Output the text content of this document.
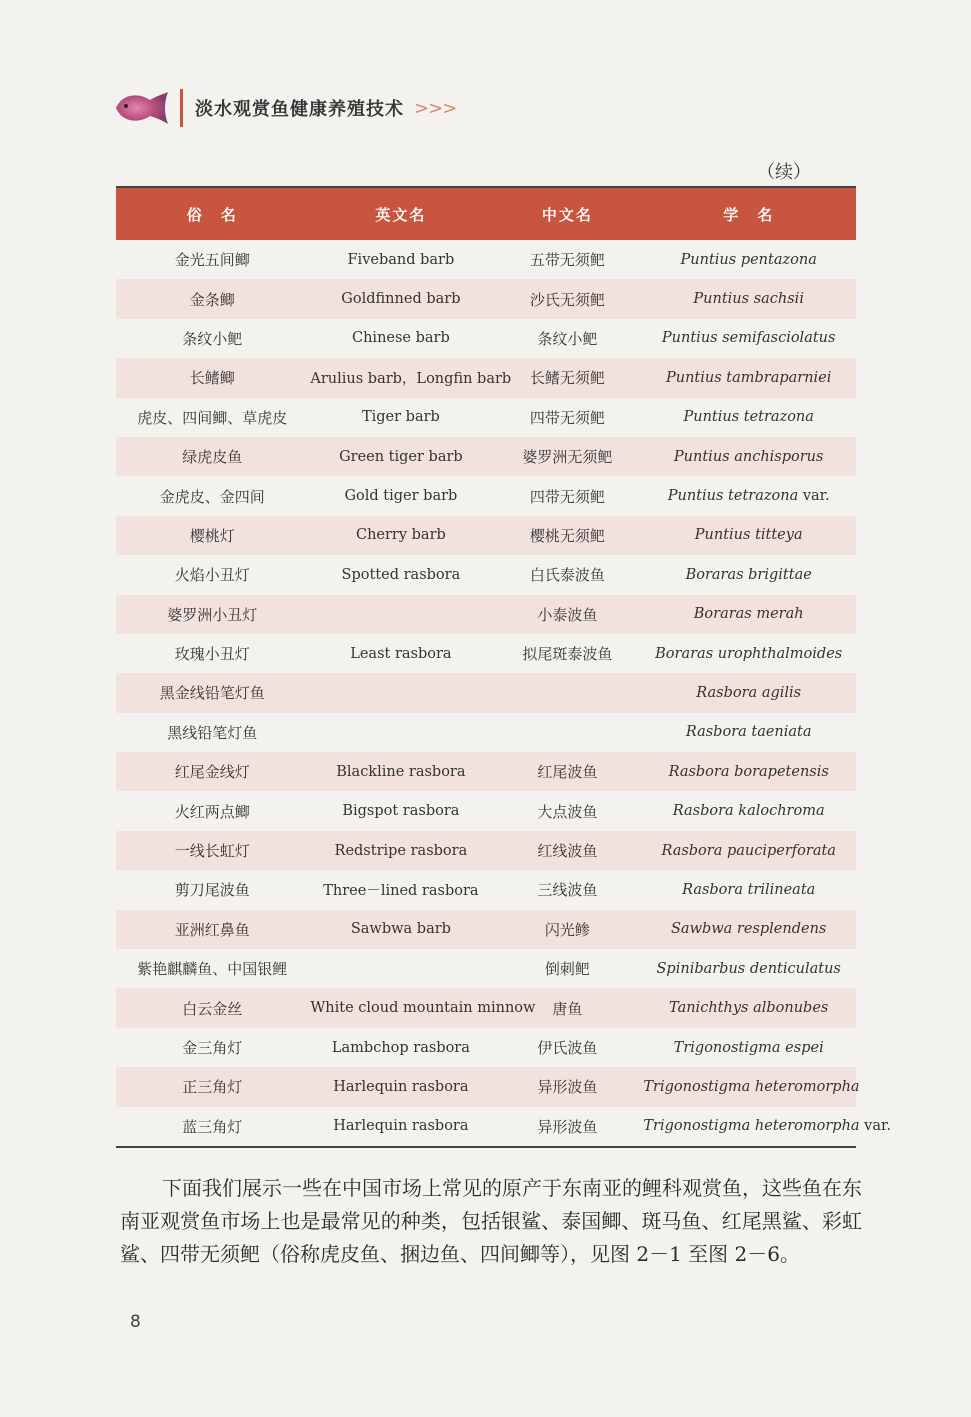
淡水观赏鱼健康养殖技术 >>>
（续）
俗　名	英文名	中文名	学　名
金光五间鲫	Fiveband barb	五带无须鲃	Puntius pentazona
金条鲫	Goldfinned barb	沙氏无须鲃	Puntius sachsii
条纹小鲃	Chinese barb	条纹小鲃	Puntius semifasciolatus
长鳍鲫	Arulius barb，Longfin barb	长鳍无须鲃	Puntius tambraparniei
虎皮、四间鲫、草虎皮	Tiger barb	四带无须鲃	Puntius tetrazona
绿虎皮鱼	Green tiger barb	婆罗洲无须鲃	Puntius anchisporus
金虎皮、金四间	Gold tiger barb	四带无须鲃	Puntius tetrazona var.
樱桃灯	Cherry barb	樱桃无须鲃	Puntius titteya
火焰小丑灯	Spotted rasbora	白氏泰波鱼	Boraras brigittae
婆罗洲小丑灯		小泰波鱼	Boraras merah
玫瑰小丑灯	Least rasbora	拟尾斑泰波鱼	Boraras urophthalmoides
黑金线铅笔灯鱼			Rasbora agilis
黑线铅笔灯鱼			Rasbora taeniata
红尾金线灯	Blackline rasbora	红尾波鱼	Rasbora borapetensis
火红两点鲫	Bigspot rasbora	大点波鱼	Rasbora kalochroma
一线长虹灯	Redstripe rasbora	红线波鱼	Rasbora pauciperforata
剪刀尾波鱼	Three－lined rasbora	三线波鱼	Rasbora trilineata
亚洲红鼻鱼	Sawbwa barb	闪光鲹	Sawbwa resplendens
紫艳麒麟鱼、中国银鲤		倒刺鲃	Spinibarbus denticulatus
白云金丝	White cloud mountain minnow	唐鱼	Tanichthys albonubes
金三角灯	Lambchop rasbora	伊氏波鱼	Trigonostigma espei
正三角灯	Harlequin rasbora	异形波鱼	Trigonostigma heteromorpha
蓝三角灯	Harlequin rasbora	异形波鱼	Trigonostigma heteromorpha var.
下面我们展示一些在中国市场上常见的原产于东南亚的鲤科观赏鱼，这些鱼在东南亚观赏鱼市场上也是最常见的种类，包括银鲨、泰国鲫、斑马鱼、红尾黑鲨、彩虹鲨、四带无须鲃（俗称虎皮鱼、捆边鱼、四间鲫等），见图 2－1 至图 2－6。
8
